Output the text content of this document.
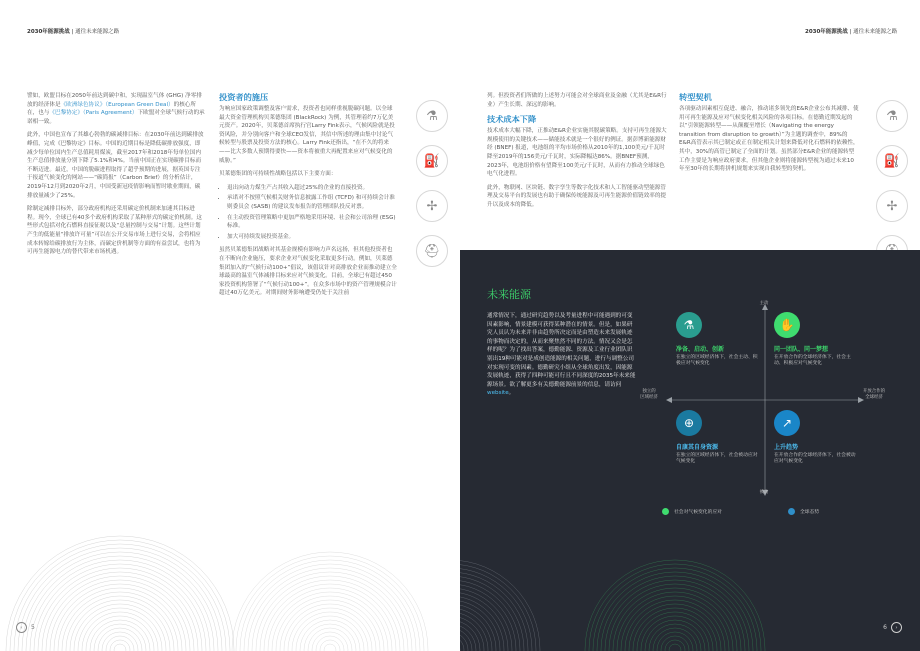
2030年能源挑战 | 通往未来能源之路

譬如，欧盟目标在2050年前达到碳中和，实现温室气体 (GHG) 净零排放的经济体是《欧洲绿色协议》（European Green Deal）的核心所在，也与《巴黎协定》（Paris Agreement）下欧盟对全球气候行动的承诺相一致。

此外，中国也宣布了其雄心勃勃的碳减排目标：在2030年前达到碳排放峰值，完成《巴黎协定》目标。中国的近期目标是降低碳排放强度，即减少每单位国内生产总值耗用煤炭，截至2017年和2018年每单位国内生产总值排放量分别下降了5.1%和4%。当前中国正在实现碳排目标而不断迈进。最近，中国的脱碳进程取得了超乎预期的进展，据英国专注于报道气候变化的网站——“碳简报”（Carbon Brief）的分析估计，2019年12月到2020年2月，中国受新冠疫情影响而暂时歇业期间，碳排放量减少了25%。

除制定减排目标外，部分政府机构还采用碳定价机制来加速其目标进程。现今，全球已有40多个政府机构采取了某种形式的碳定价机制。这些形式包括对化石燃料直接征税以及“总量控制与交易”计划。这些计划产生的低能量“排放许可量”可以在公开交易市场上进行交易，会将相应成本转嫁给碳排放行为主体，而碳定价机制等方面的有益尝试，也将为可再生能源电力的替代带来市场机遇。

投资者的施压

为响应国家政策调整及客户需求，投资者也同样重视脱碳问题。以全球最大资金管理机构贝莱德集团 (BlackRock) 为例，其管理着约7万亿美元资产。2020年，贝莱德首席执行官Larry Fink表示，气候风险就是投资风险，并分别向客户和全球CEO发信，其信中所述的理由集中讨论气候转型与股票及投资方法的核心。Larry Fink还指出，“在不久的将来——比大多数人预期得要快——资本将被重大再配置来应对气候变化的威胁。”

贝莱德集团的可持续性战略包括以下主要方面：

• 退出向动力煤生产占其收入超过25%的企业的直接投资。
• 承诺对不按照气候相关财务信息披露工作组 (TCFD) 和可持续会计准则委员会 (SASB) 的建议发布报告的管理团队投反对票。
• 在主动投资管理策略中更加严格地采用环境、社会和公司治理 (ESG) 标准。
• 加大可持续发展投资基金。

虽然贝莱德集团战略对其基金规模有影响力声名远扬，但其他投资者也在不断向企业施压，要求企业对气候变化采取更多行动。例如，贝莱德集团加入的“气候行动100+”倡议，该倡议针对高排放企业而推动建立全球最高的温室气体减排目标来应对气候变化。目前，全球已有超过450家投资机构签署了“气候行动100+”。在众多市场中的资产管理规模合计超过40万亿美元。对期间财务影响遭受仍处于关注前

⚗
⛽
✢
⛑
‹	5
2030年能源挑战 | 通往未来能源之路

列。但投资者们所做的上述努力可能会对全球商业及金融（尤其是E&R行业）产生长期、深远的影响。

技术成本下降

技术成本大幅下降，正推动E&R企业实施其脱碳策略。支持可再生能源大规模使用的关键技术——储能技术就是一个很好的例证。据彭博新能源财经 (BNEF) 报道，电池组的平均市场价格从2010年的1,100美元/千瓦时降至2019年的156美元/千瓦时，实际降幅达86%。据BNEF预测，2023年，电池组价格有望降至100美元/千瓦时，从而有力推动全球绿色电气化进程。

此外，物联网、区块链、数字孪生等数字化技术和人工智能驱动型能源管理及交易平台的发展也有助于确保传统能源及可再生能源价值链效率的提升以及成本的降低。

转型契机

各项驱动因素相互促进、融合，推动诸多领先的E&R企业公布其减排、使用可再生能源及应对气候变化相关风险的各项目标。在德勤近期发起的以“引领能源转型——从颠覆至增长（Navigating the energy transition from disruption to growth）”为主题的调查中，89%的E&R高管表示其已制定或正在制定相关计划来降低对化石燃料的依赖性，其中，30%的高管已制定了全面的计划。虽然部分E&R企业的能源转型工作主要是为响应政府要求，但其他企业则将能源转型视为通过未来10年至30年的长期将拼机规划来实现自我转型的契机。

⚗
⛽
✢
未来能源
通常情况下，通过研究趋势以及考量进程中可能遇到的可变因素影响，情景建模可获得某种潜在的情景。但是，如果研究人员认为未来并非由趋势所决定而是由塑造未来发展轨迹的事物而决定的，从而来聚焦然不同的方法。情况又会是怎样的呢？为了找出答案，德勤能源、资源及工业行业团队识别出19种可能对是成创造能源的相关问题，进行与调整公司对实现可变的因素。德勤研究小组从全球角度出发，因能源发展轨迹，获得了四种可能可行且不同深度的2035年未来能源场景。欲了解更多有关德勤能源前景的信息，请访问website。
主动
被动
独立的
区域经济
开放合作的
全球经济
⚗
净备、启动、创新
在独立的区域经济体下，社会主动、积极应对气候变化
✋
同一团队、同一梦想
在开放合作的全球经济体下，社会主动、积极应对气候变化
⊕
自康其自身资源
在独立的区域经济体下，社会被动应对气候变化
↗
上升趋势
在开放合作的全球经济体下，社会被动应对气候变化
社会对气候变化的应对	全球态势
6	›
